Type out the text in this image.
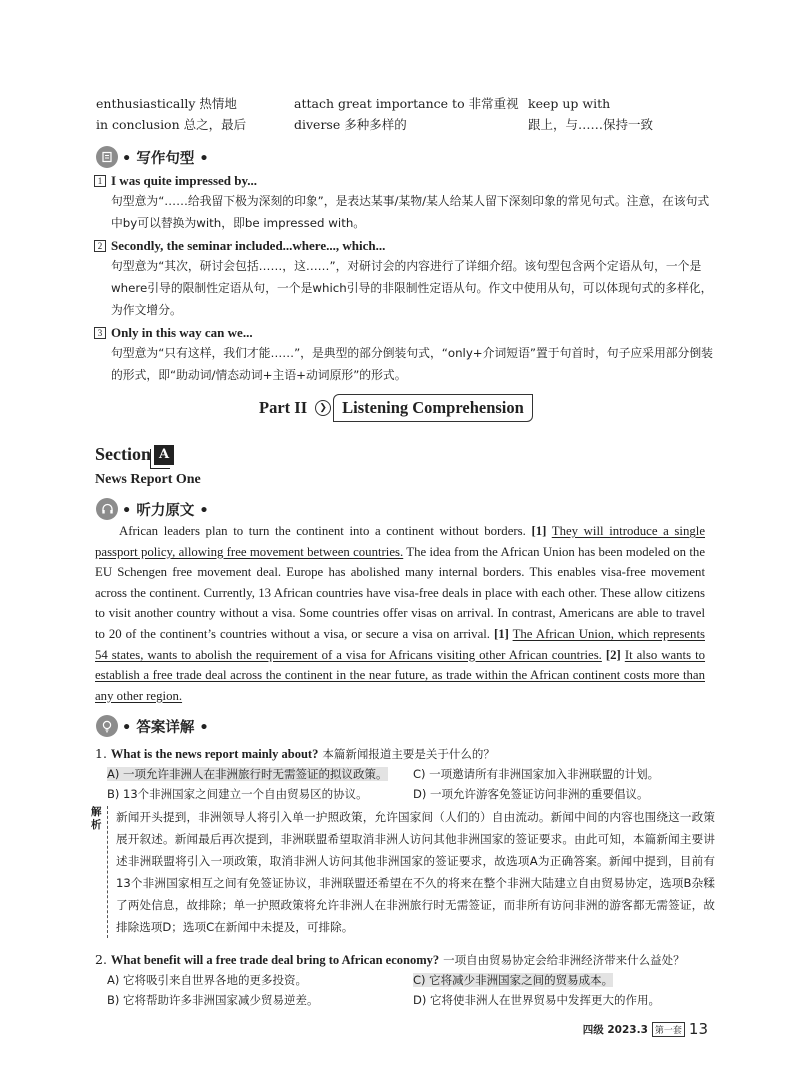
enthusiastically 热情地	attach great importance to 非常重视 keep up with
in conclusion 总之，最后	diverse 多种多样的	跟上，与……保持一致
• 写作句型 •
1 I was quite impressed by...
句型意为“……给我留下极为深刻的印象”，是表达某事/某物/某人给某人留下深刻印象的常见句式。注意，在该句式中by可以替换为with，即be impressed with。
2 Secondly, the seminar included...where..., which...
句型意为“其次，研讨会包括……，这……”，对研讨会的内容进行了详细介绍。该句型包含两个定语从句，一个是where引导的限制性定语从句，一个是which引导的非限制性定语从句。作文中使用从句，可以体现句式的多样化，为作文增分。
3 Only in this way can we...
句型意为“只有这样，我们才能……”，是典型的部分倒装句式，“only+介词短语”置于句首时，句子应采用部分倒装的形式，即“助动词/情态动词+主语+动词原形”的形式。
Part II	❯ Listening Comprehension
Section A
News Report One
• 听力原文 •

African leaders plan to turn the continent into a continent without borders. [1] They will introduce a single passport policy, allowing free movement between countries. The idea from the African Union has been modeled on the EU Schengen free movement deal. Europe has abolished many internal borders. This enables visa-free movement across the continent. Currently, 13 African countries have visa-free deals in place with each other. These allow citizens to visit another country without a visa. Some countries offer visas on arrival. In contrast, Americans are able to travel to 20 of the continent’s countries without a visa, or secure a visa on arrival. [1] The African Union, which represents 54 states, wants to abolish the requirement of a visa for Africans visiting other African countries. [2] It also wants to establish a free trade deal across the continent in the near future, as trade within the African continent costs more than any other region.

• 答案详解 •
1. What is the news report mainly about? 本篇新闻报道主要是关于什么的？
A) 一项允许非洲人在非洲旅行时无需签证的拟议政策。	C) 一项邀请所有非洲国家加入非洲联盟的计划。
B) 13个非洲国家之间建立一个自由贸易区的协议。	D) 一项允许游客免签证访问非洲的重要倡议。
解析
新闻开头提到，非洲领导人将引入单一护照政策，允许国家间（人们的）自由流动。新闻中间的内容也围绕这一政策展开叙述。新闻最后再次提到，非洲联盟希望取消非洲人访问其他非洲国家的签证要求。由此可知，本篇新闻主要讲述非洲联盟将引入一项政策，取消非洲人访问其他非洲国家的签证要求，故选项A为正确答案。新闻中提到，目前有13个非洲国家相互之间有免签证协议，非洲联盟还希望在不久的将来在整个非洲大陆建立自由贸易协定，选项B杂糅了两处信息，故排除；单一护照政策将允许非洲人在非洲旅行时无需签证，而非所有访问非洲的游客都无需签证，故排除选项D；选项C在新闻中未提及，可排除。
2. What benefit will a free trade deal bring to African economy? 一项自由贸易协定会给非洲经济带来什么益处？
A) 它将吸引来自世界各地的更多投资。	C) 它将减少非洲国家之间的贸易成本。
B) 它将帮助许多非洲国家减少贸易逆差。	D) 它将使非洲人在世界贸易中发挥更大的作用。
四级 2023.3 第一套 13
